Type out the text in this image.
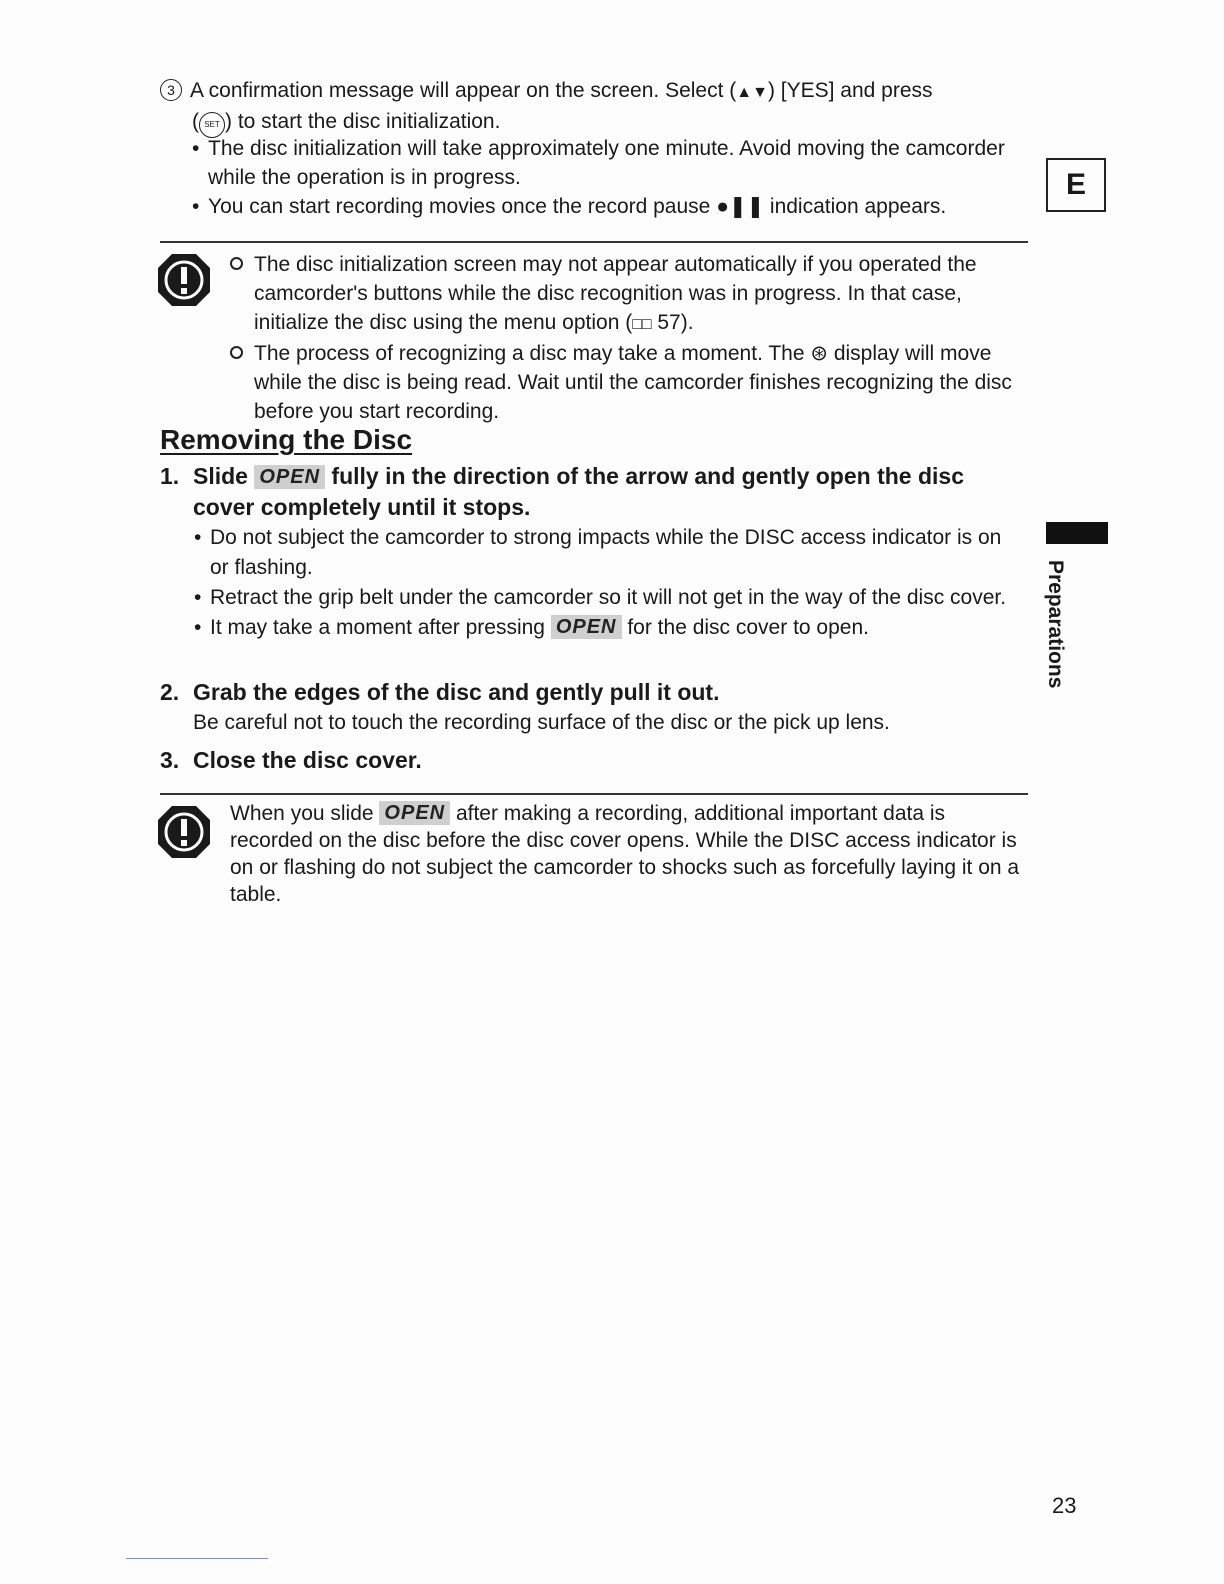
3 A confirmation message will appear on the screen. Select (▲▼) [YES] and press
( SET ) to start the disc initialization.
• The disc initialization will take approximately one minute. Avoid moving the camcorder while the operation is in progress.
• You can start recording movies once the record pause ●❚❚ indication appears.
E
The disc initialization screen may not appear automatically if you operated the camcorder's buttons while the disc recognition was in progress. In that case, initialize the disc using the menu option (□□ 57).
The process of recognizing a disc may take a moment. The ⊛ display will move while the disc is being read. Wait until the camcorder finishes recognizing the disc before you start recording.
Removing the Disc
1. Slide OPEN fully in the direction of the arrow and gently open the disc
cover completely until it stops.
• Do not subject the camcorder to strong impacts while the DISC access indicator is on or flashing.
• Retract the grip belt under the camcorder so it will not get in the way of the disc cover.
• It may take a moment after pressing OPEN for the disc cover to open.
2. Grab the edges of the disc and gently pull it out.
Be careful not to touch the recording surface of the disc or the pick up lens.
3. Close the disc cover.
When you slide OPEN after making a recording, additional important data is recorded on the disc before the disc cover opens. While the DISC access indicator is on or flashing do not subject the camcorder to shocks such as forcefully laying it on a table.
Preparations
23
